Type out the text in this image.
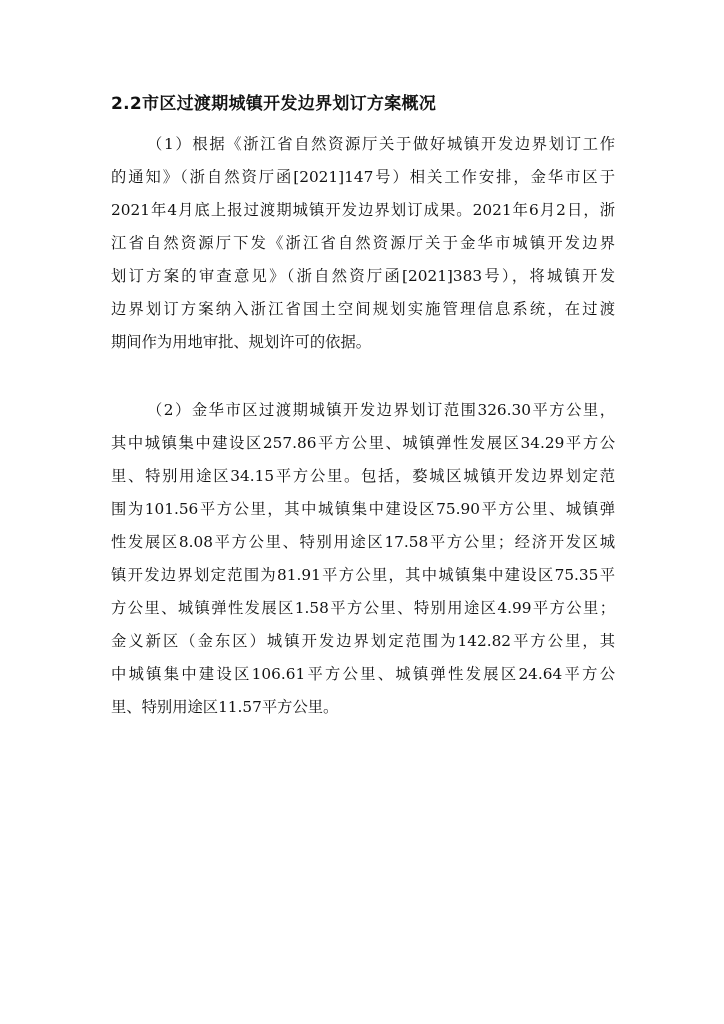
2.2市区过渡期城镇开发边界划订方案概况
（1）根据《浙江省自然资源厅关于做好城镇开发边界划订工作
的通知》（浙自然资厅函[2021]147号）相关工作安排，金华市区于
2021年4月底上报过渡期城镇开发边界划订成果。2021年6月2日，浙
江省自然资源厅下发《浙江省自然资源厅关于金华市城镇开发边界
划订方案的审查意见》（浙自然资厅函[2021]383号），将城镇开发
边界划订方案纳入浙江省国土空间规划实施管理信息系统，在过渡
期间作为用地审批、规划许可的依据。
（2）金华市区过渡期城镇开发边界划订范围326.30平方公里，
其中城镇集中建设区257.86平方公里、城镇弹性发展区34.29平方公
里、特别用途区34.15平方公里。包括，婺城区城镇开发边界划定范
围为101.56平方公里，其中城镇集中建设区75.90平方公里、城镇弹
性发展区8.08平方公里、特别用途区17.58平方公里；经济开发区城
镇开发边界划定范围为81.91平方公里，其中城镇集中建设区75.35平
方公里、城镇弹性发展区1.58平方公里、特别用途区4.99平方公里；
金义新区（金东区）城镇开发边界划定范围为142.82平方公里，其
中城镇集中建设区106.61平方公里、城镇弹性发展区24.64平方公
里、特别用途区11.57平方公里。
